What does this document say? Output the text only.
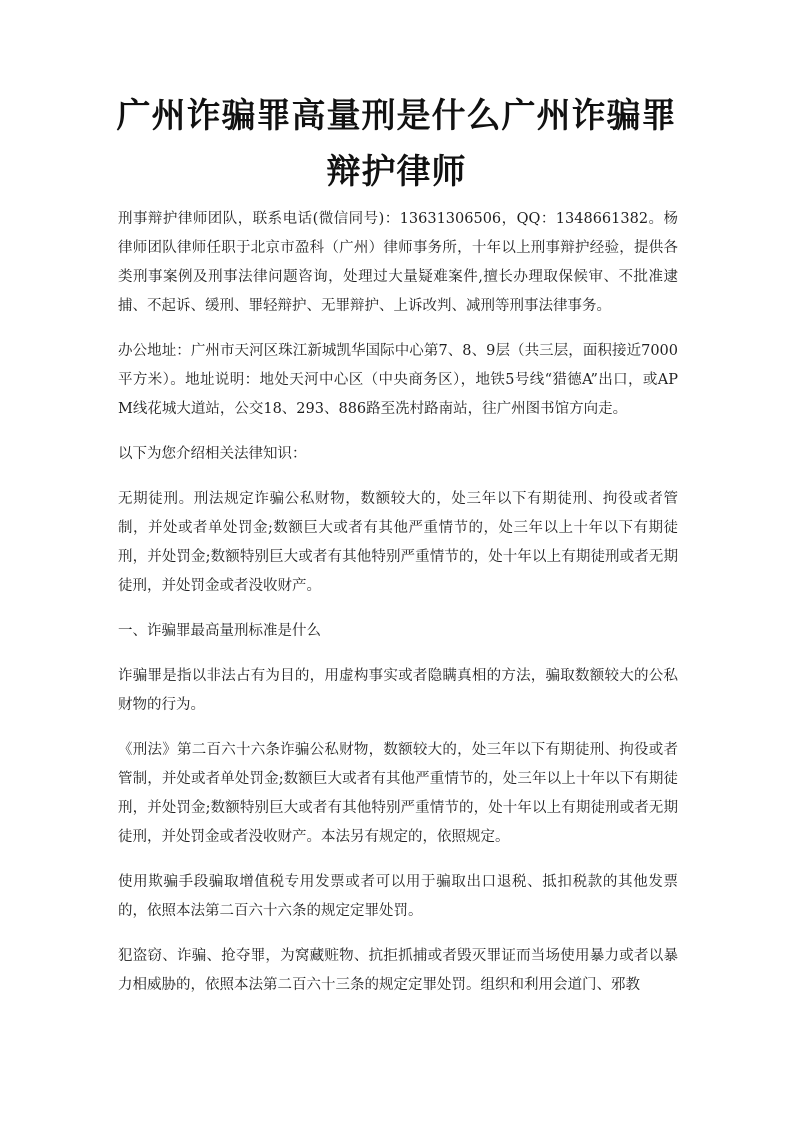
广州诈骗罪高量刑是什么广州诈骗罪辩护律师

刑事辩护律师团队，联系电话(微信同号)：13631306506，QQ：1348661382。杨律师团队律师任职于北京市盈科（广州）律师事务所，十年以上刑事辩护经验，提供各类刑事案例及刑事法律问题咨询，处理过大量疑难案件,擅长办理取保候审、不批准逮捕、不起诉、缓刑、罪轻辩护、无罪辩护、上诉改判、减刑等刑事法律事务。

办公地址：广州市天河区珠江新城凯华国际中心第7、8、9层（共三层，面积接近7000平方米）。地址说明：地处天河中心区（中央商务区），地铁5号线“猎德A”出口，或APM线花城大道站，公交18、293、886路至冼村路南站，往广州图书馆方向走。

以下为您介绍相关法律知识：

无期徒刑。刑法规定诈骗公私财物，数额较大的，处三年以下有期徒刑、拘役或者管制，并处或者单处罚金;数额巨大或者有其他严重情节的，处三年以上十年以下有期徒刑，并处罚金;数额特别巨大或者有其他特别严重情节的，处十年以上有期徒刑或者无期徒刑，并处罚金或者没收财产。

一、诈骗罪最高量刑标准是什么

诈骗罪是指以非法占有为目的，用虚构事实或者隐瞒真相的方法，骗取数额较大的公私财物的行为。

《刑法》第二百六十六条诈骗公私财物，数额较大的，处三年以下有期徒刑、拘役或者管制，并处或者单处罚金;数额巨大或者有其他严重情节的，处三年以上十年以下有期徒刑，并处罚金;数额特别巨大或者有其他特别严重情节的，处十年以上有期徒刑或者无期徒刑，并处罚金或者没收财产。本法另有规定的，依照规定。

使用欺骗手段骗取增值税专用发票或者可以用于骗取出口退税、抵扣税款的其他发票的，依照本法第二百六十六条的规定定罪处罚。

犯盗窃、诈骗、抢夺罪，为窝藏赃物、抗拒抓捕或者毁灭罪证而当场使用暴力或者以暴力相威胁的，依照本法第二百六十三条的规定定罪处罚。组织和利用会道门、邪教
